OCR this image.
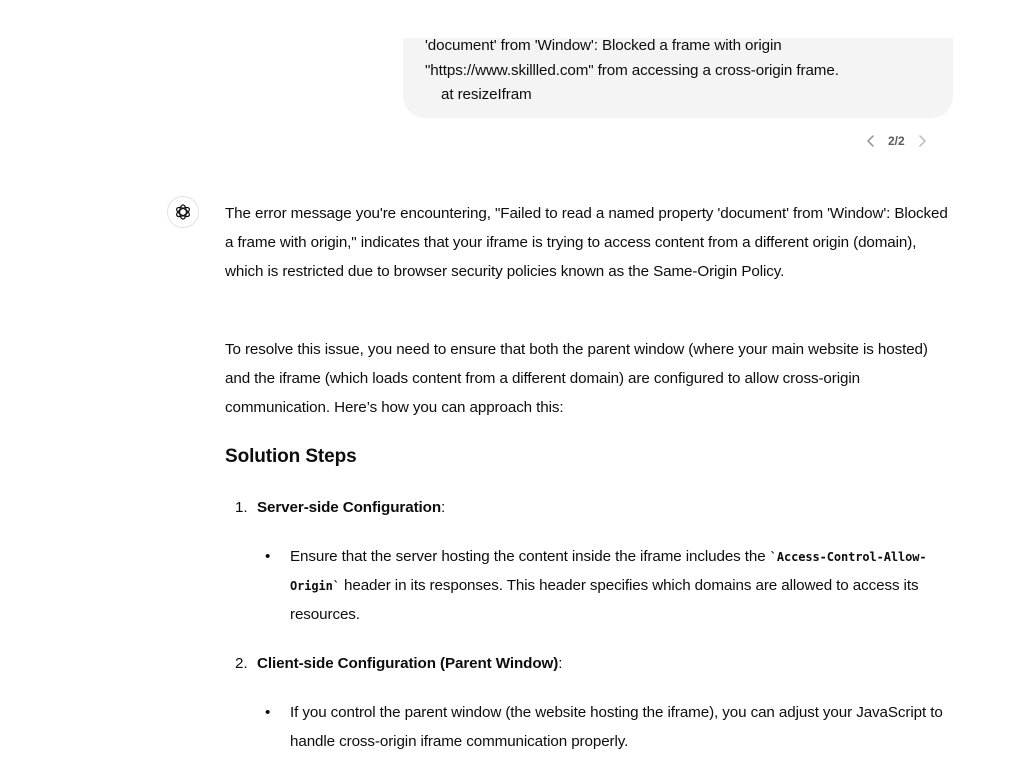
'document' from 'Window': Blocked a frame with origin
"https://www.skillled.com" from accessing a cross-origin frame.
at resizeIfram
2/2

The error message you're encountering, "Failed to read a named property 'document' from 'Window': Blocked a frame with origin," indicates that your iframe is trying to access content from a different origin (domain), which is restricted due to browser security policies known as the Same-Origin Policy.

To resolve this issue, you need to ensure that both the parent window (where your main website is hosted) and the iframe (which loads content from a different domain) are configured to allow cross-origin communication. Here’s how you can approach this:

Solution Steps
1. Server-side Configuration:
•	Ensure that the server hosting the content inside the iframe includes the `Access-Control-Allow-Origin` header in its responses. This header specifies which domains are allowed to access its resources.
2. Client-side Configuration (Parent Window):
•	If you control the parent window (the website hosting the iframe), you can adjust your JavaScript to handle cross-origin iframe communication properly.
